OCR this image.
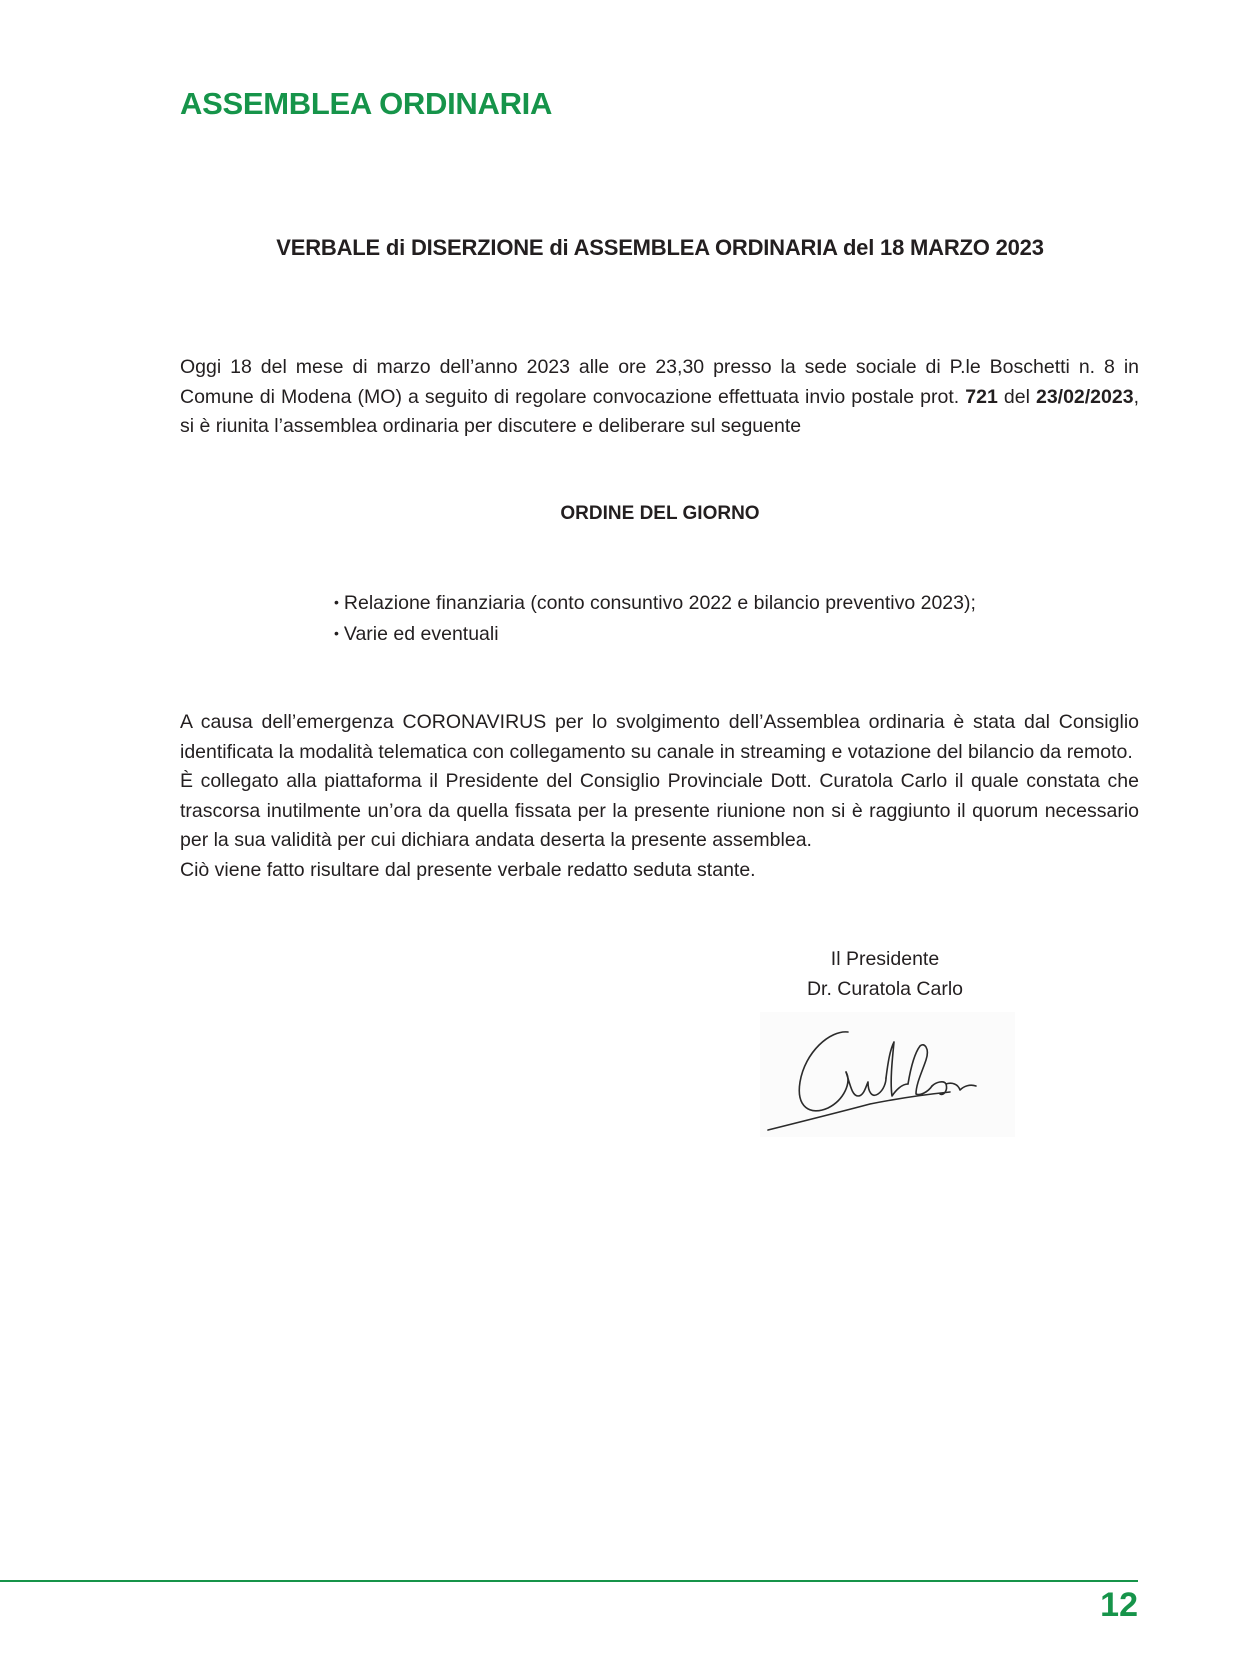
ASSEMBLEA ORDINARIA
VERBALE di DISERZIONE di ASSEMBLEA ORDINARIA del 18 MARZO 2023

Oggi 18 del mese di marzo dell’anno 2023 alle ore 23,30 presso la sede sociale di P.le Boschetti n. 8 in Comune di Modena (MO) a seguito di regolare convocazione effettuata invio postale prot. 721 del 23/02/2023, si è riunita l’assemblea ordinaria per discutere e deliberare sul seguente

ORDINE DEL GIORNO
• Relazione finanziaria (conto consuntivo 2022 e bilancio preventivo 2023);
• Varie ed eventuali

A causa dell’emergenza CORONAVIRUS per lo svolgimento dell’Assemblea ordinaria è stata dal Consiglio identificata la modalità telematica con collegamento su canale in streaming e votazione del bilancio da remoto.

È collegato alla piattaforma il Presidente del Consiglio Provinciale Dott. Curatola Carlo il quale constata che trascorsa inutilmente un’ora da quella fissata per la presente riunione non si è raggiunto il quorum necessario per la sua validità per cui dichiara andata deserta la presente assemblea.

Ciò viene fatto risultare dal presente verbale redatto seduta stante.

Il Presidente
Dr. Curatola Carlo
12
